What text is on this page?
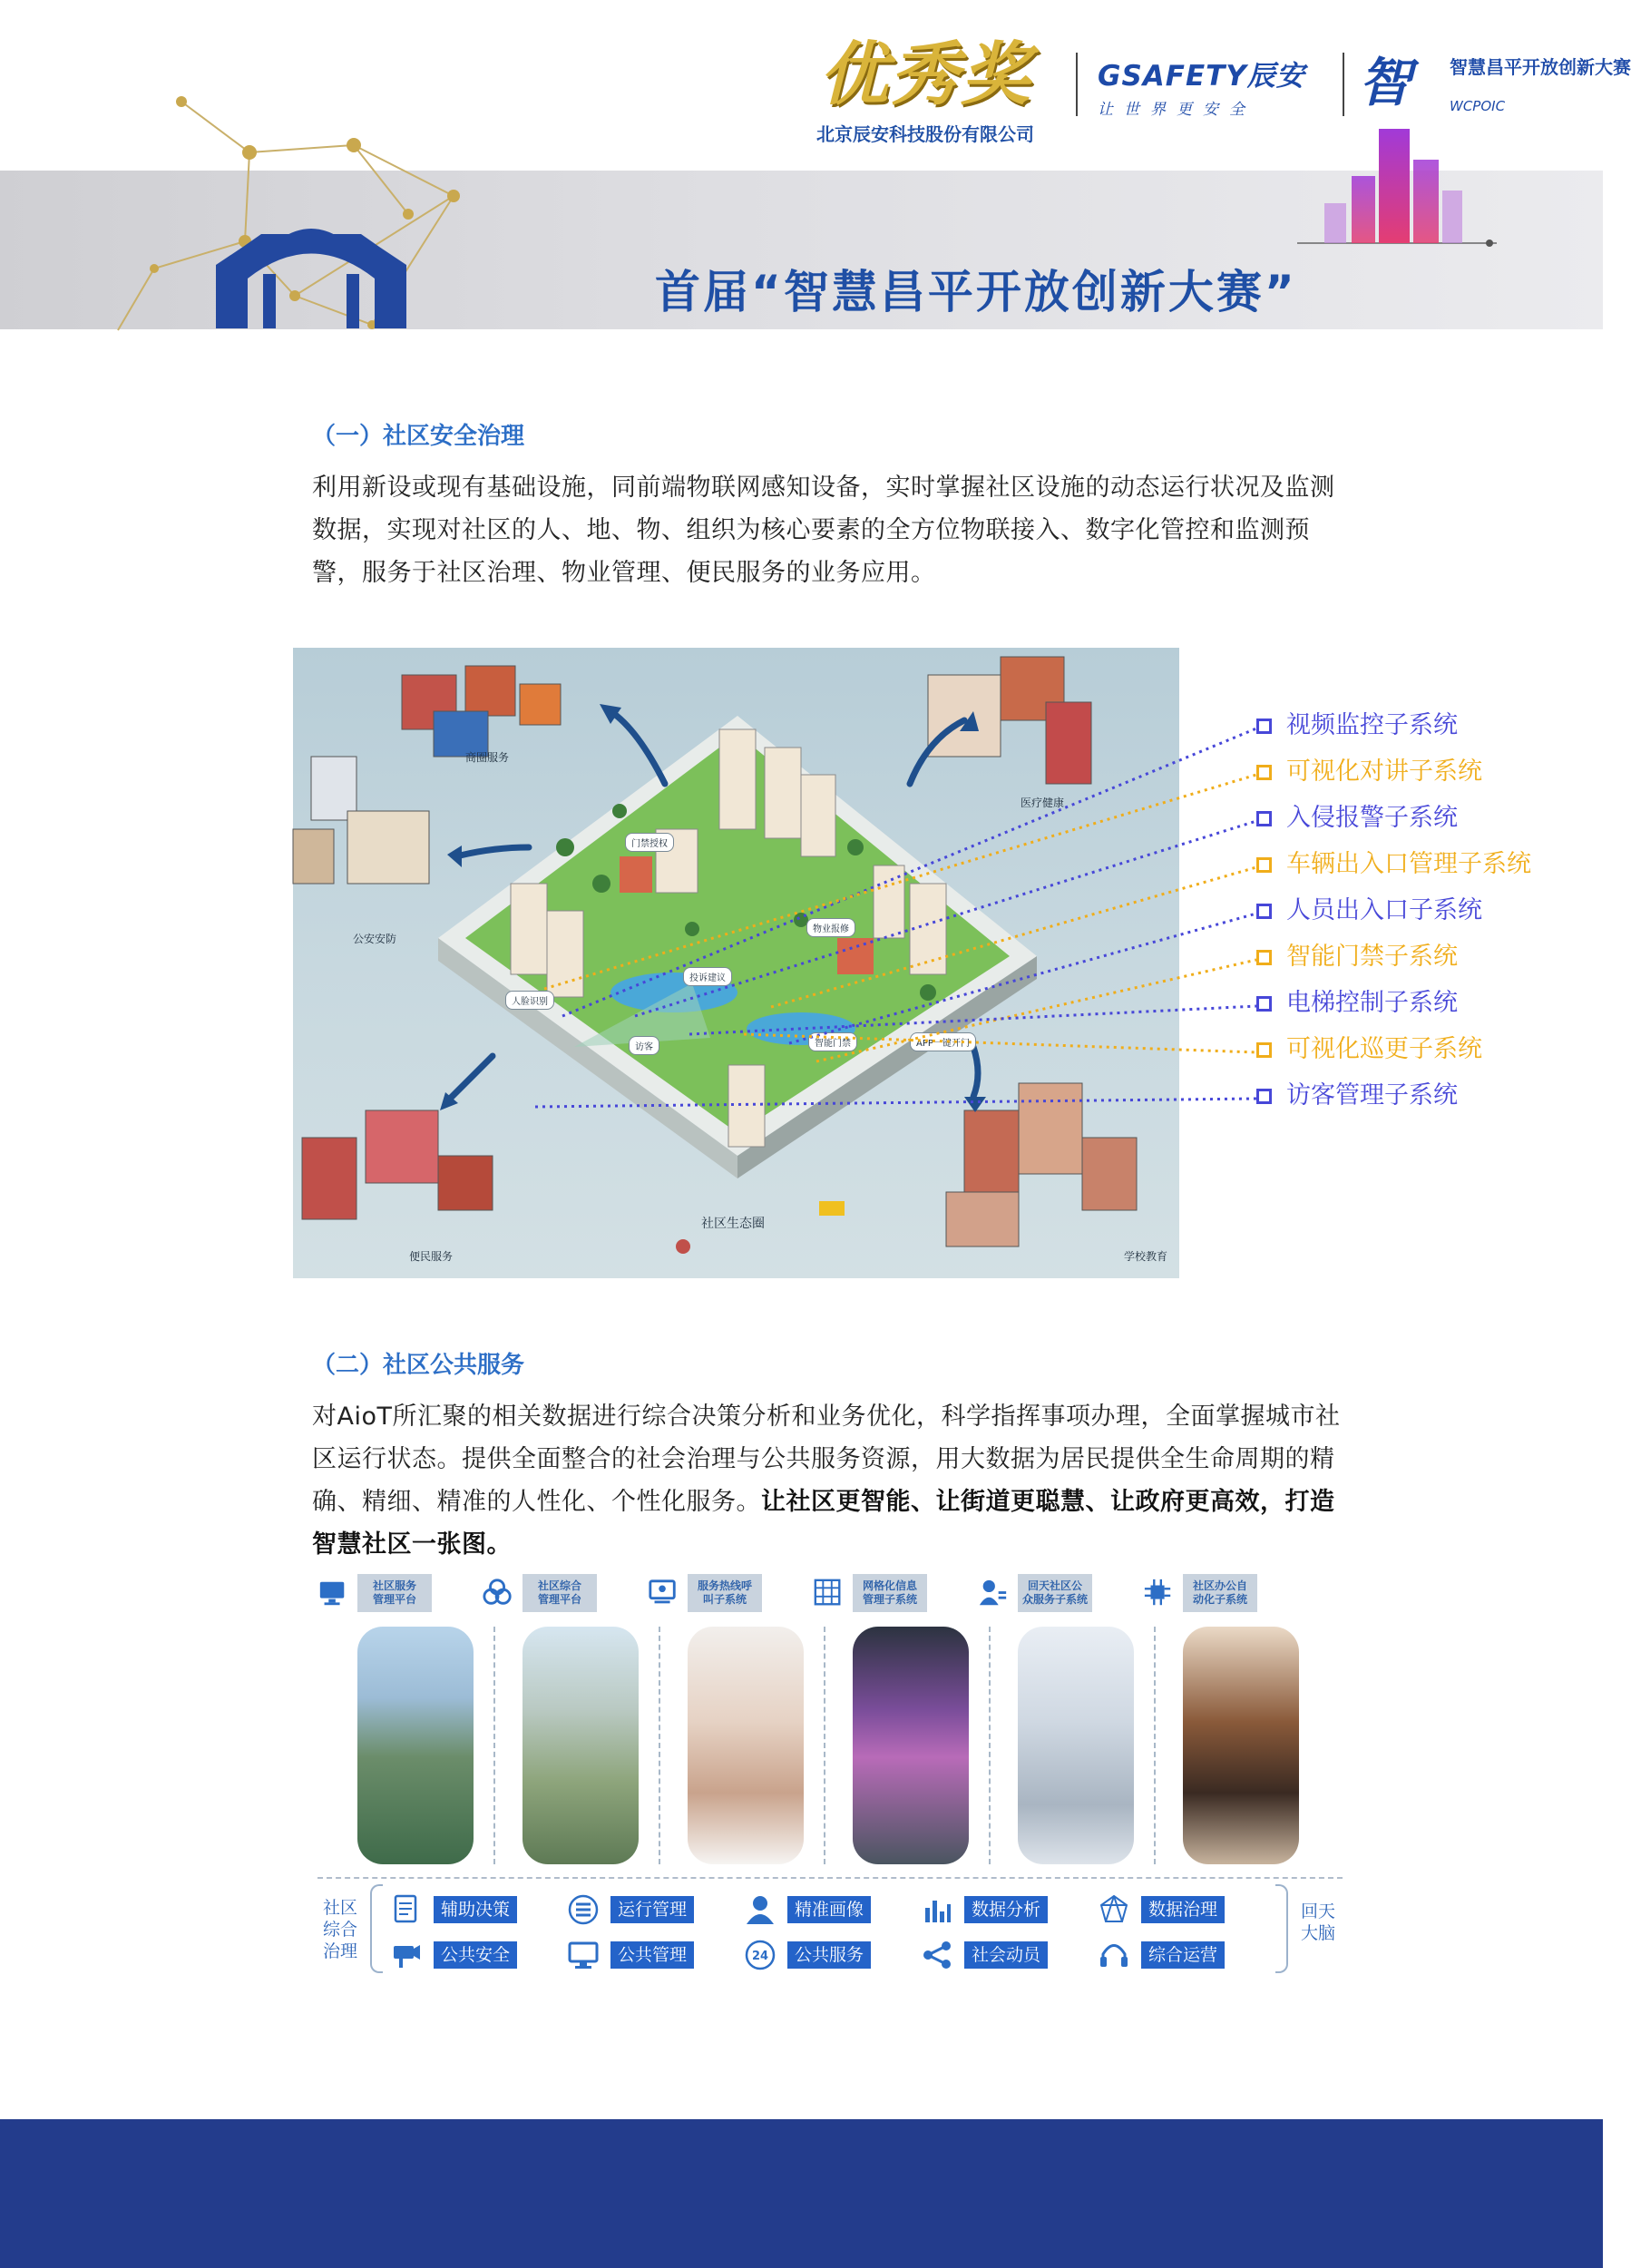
优秀奖
北京辰安科技股份有限公司
GSAFETY辰安
让世界更安全	智 智慧昌平开放创新大赛
WCPOIC
首届“智慧昌平开放创新大赛”
（一）社区安全治理
利用新设或现有基础设施，同前端物联网感知设备，实时掌握社区设施的动态运行状况及监测数据，实现对社区的人、地、物、组织为核心要素的全方位物联接入、数字化管控和监测预警，服务于社区治理、物业管理、便民服务的业务应用。
商圈服务
医疗健康
公安安防
便民服务	学校教育
社区生态圈
门禁授权
物业报修
人脸识别
访客
投诉建议
智能门禁	APP一键开门
视频监控子系统
可视化对讲子系统
入侵报警子系统
车辆出入口管理子系统
人员出入口子系统
智能门禁子系统
电梯控制子系统
可视化巡更子系统
访客管理子系统
（二）社区公共服务
对AioT所汇聚的相关数据进行综合决策分析和业务优化，科学指挥事项办理，全面掌握城市社区运行状态。提供全面整合的社会治理与公共服务资源，用大数据为居民提供全生命周期的精确、精细、精准的人性化、个性化服务。让社区更智能、让街道更聪慧、让政府更高效，打造智慧社区一张图。
社区综合治理
回天大脑
社区服务
管理平台
社区综合
管理平台
服务热线呼
叫子系统
网格化信息
管理子系统
回天社区公
众服务子系统
社区办公自
动化子系统
辅助决策	运行管理	精准画像	数据分析	数据治理
公共安全	公共管理	24	公共服务	社会动员	综合运营
